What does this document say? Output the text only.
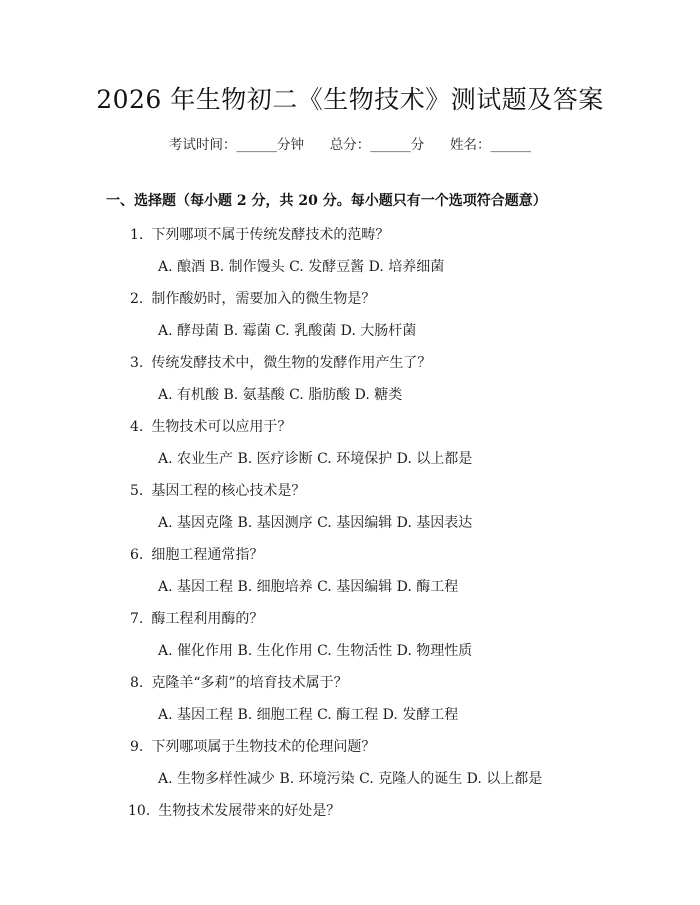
2026 年生物初二《生物技术》测试题及答案
考试时间：______分钟      总分：______分      姓名：______
一、选择题（每小题 2 分，共 20 分。每小题只有一个选项符合题意）
1. 下列哪项不属于传统发酵技术的范畴？
A. 酿酒 B. 制作馒头 C. 发酵豆酱 D. 培养细菌
2. 制作酸奶时，需要加入的微生物是？
A. 酵母菌 B. 霉菌 C. 乳酸菌 D. 大肠杆菌
3. 传统发酵技术中，微生物的发酵作用产生了？
A. 有机酸 B. 氨基酸 C. 脂肪酸 D. 糖类
4. 生物技术可以应用于？
A. 农业生产 B. 医疗诊断 C. 环境保护 D. 以上都是
5. 基因工程的核心技术是？
A. 基因克隆 B. 基因测序 C. 基因编辑 D. 基因表达
6. 细胞工程通常指？
A. 基因工程 B. 细胞培养 C. 基因编辑 D. 酶工程
7. 酶工程利用酶的？
A. 催化作用 B. 生化作用 C. 生物活性 D. 物理性质
8. 克隆羊“多莉”的培育技术属于？
A. 基因工程 B. 细胞工程 C. 酶工程 D. 发酵工程
9. 下列哪项属于生物技术的伦理问题？
A. 生物多样性减少 B. 环境污染 C. 克隆人的诞生 D. 以上都是
10. 生物技术发展带来的好处是？
